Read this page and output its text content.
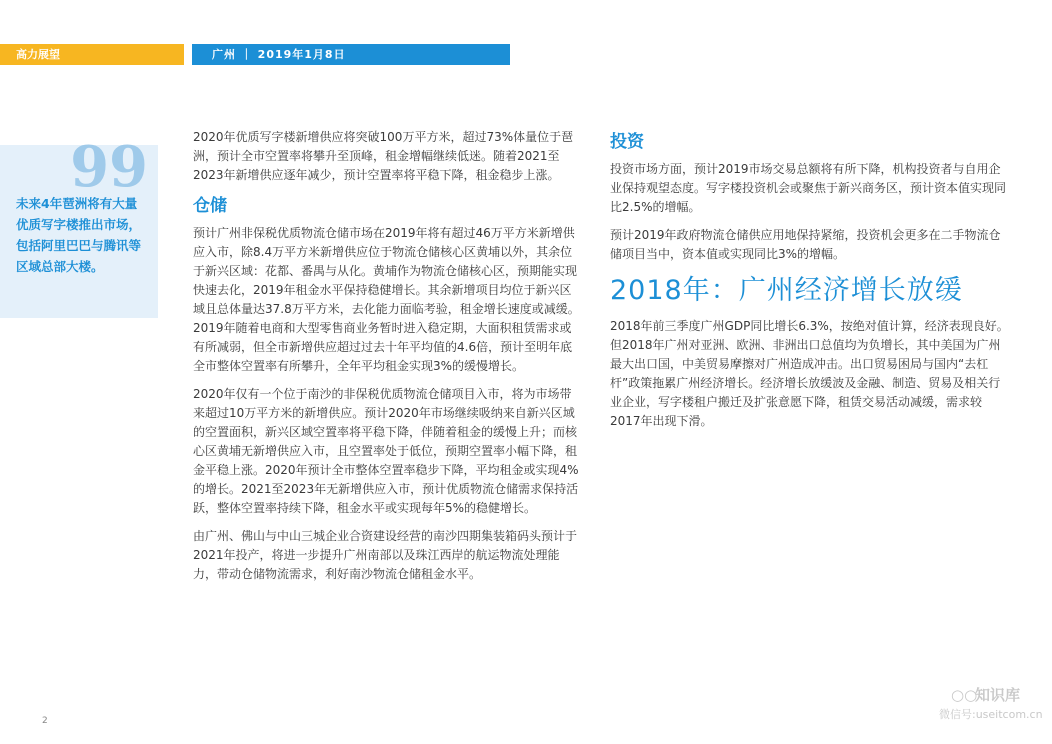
高力展望	广州 ｜ 2019年1月8日
99
未来4年琶洲将有大量优质写字楼推出市场，包括阿里巴巴与腾讯等区域总部大楼。

2020年优质写字楼新增供应将突破100万平方米，超过73%体量位于琶洲，预计全市空置率将攀升至顶峰，租金增幅继续低迷。随着2021至2023年新增供应逐年减少，预计空置率将平稳下降，租金稳步上涨。

仓储

预计广州非保税优质物流仓储市场在2019年将有超过46万平方米新增供应入市，除8.4万平方米新增供应位于物流仓储核心区黄埔以外，其余位于新兴区域：花都、番禺与从化。黄埔作为物流仓储核心区，预期能实现快速去化，2019年租金水平保持稳健增长。其余新增项目均位于新兴区域且总体量达37.8万平方米，去化能力面临考验，租金增长速度或减缓。2019年随着电商和大型零售商业务暂时进入稳定期，大面积租赁需求或有所减弱，但全市新增供应超过过去十年平均值的4.6倍，预计至明年底全市整体空置率有所攀升，全年平均租金实现3%的缓慢增长。

2020年仅有一个位于南沙的非保税优质物流仓储项目入市，将为市场带来超过10万平方米的新增供应。预计2020年市场继续吸纳来自新兴区域的空置面积，新兴区域空置率将平稳下降，伴随着租金的缓慢上升；而核心区黄埔无新增供应入市，且空置率处于低位，预期空置率小幅下降，租金平稳上涨。2020年预计全市整体空置率稳步下降，平均租金或实现4%的增长。2021至2023年无新增供应入市，预计优质物流仓储需求保持活跃，整体空置率持续下降，租金水平或实现每年5%的稳健增长。

由广州、佛山与中山三城企业合资建设经营的南沙四期集装箱码头预计于2021年投产，将进一步提升广州南部以及珠江西岸的航运物流处理能力，带动仓储物流需求，利好南沙物流仓储租金水平。

投资

投资市场方面，预计2019市场交易总额将有所下降，机构投资者与自用企业保持观望态度。写字楼投资机会或聚焦于新兴商务区，预计资本值实现同比2.5%的增幅。

预计2019年政府物流仓储供应用地保持紧缩，投资机会更多在二手物流仓储项目当中，资本值或实现同比3%的增幅。

2018年：广州经济增长放缓

2018年前三季度广州GDP同比增长6.3%，按绝对值计算，经济表现良好。但2018年广州对亚洲、欧洲、非洲出口总值均为负增长，其中美国为广州最大出口国，中美贸易摩擦对广州造成冲击。出口贸易困局与国内“去杠杆”政策拖累广州经济增长。经济增长放缓波及金融、制造、贸易及相关行业企业，写字楼租户搬迁及扩张意愿下降，租赁交易活动减缓，需求较2017年出现下滑。

2
○○
知识库
微信号:useitcom.cn
